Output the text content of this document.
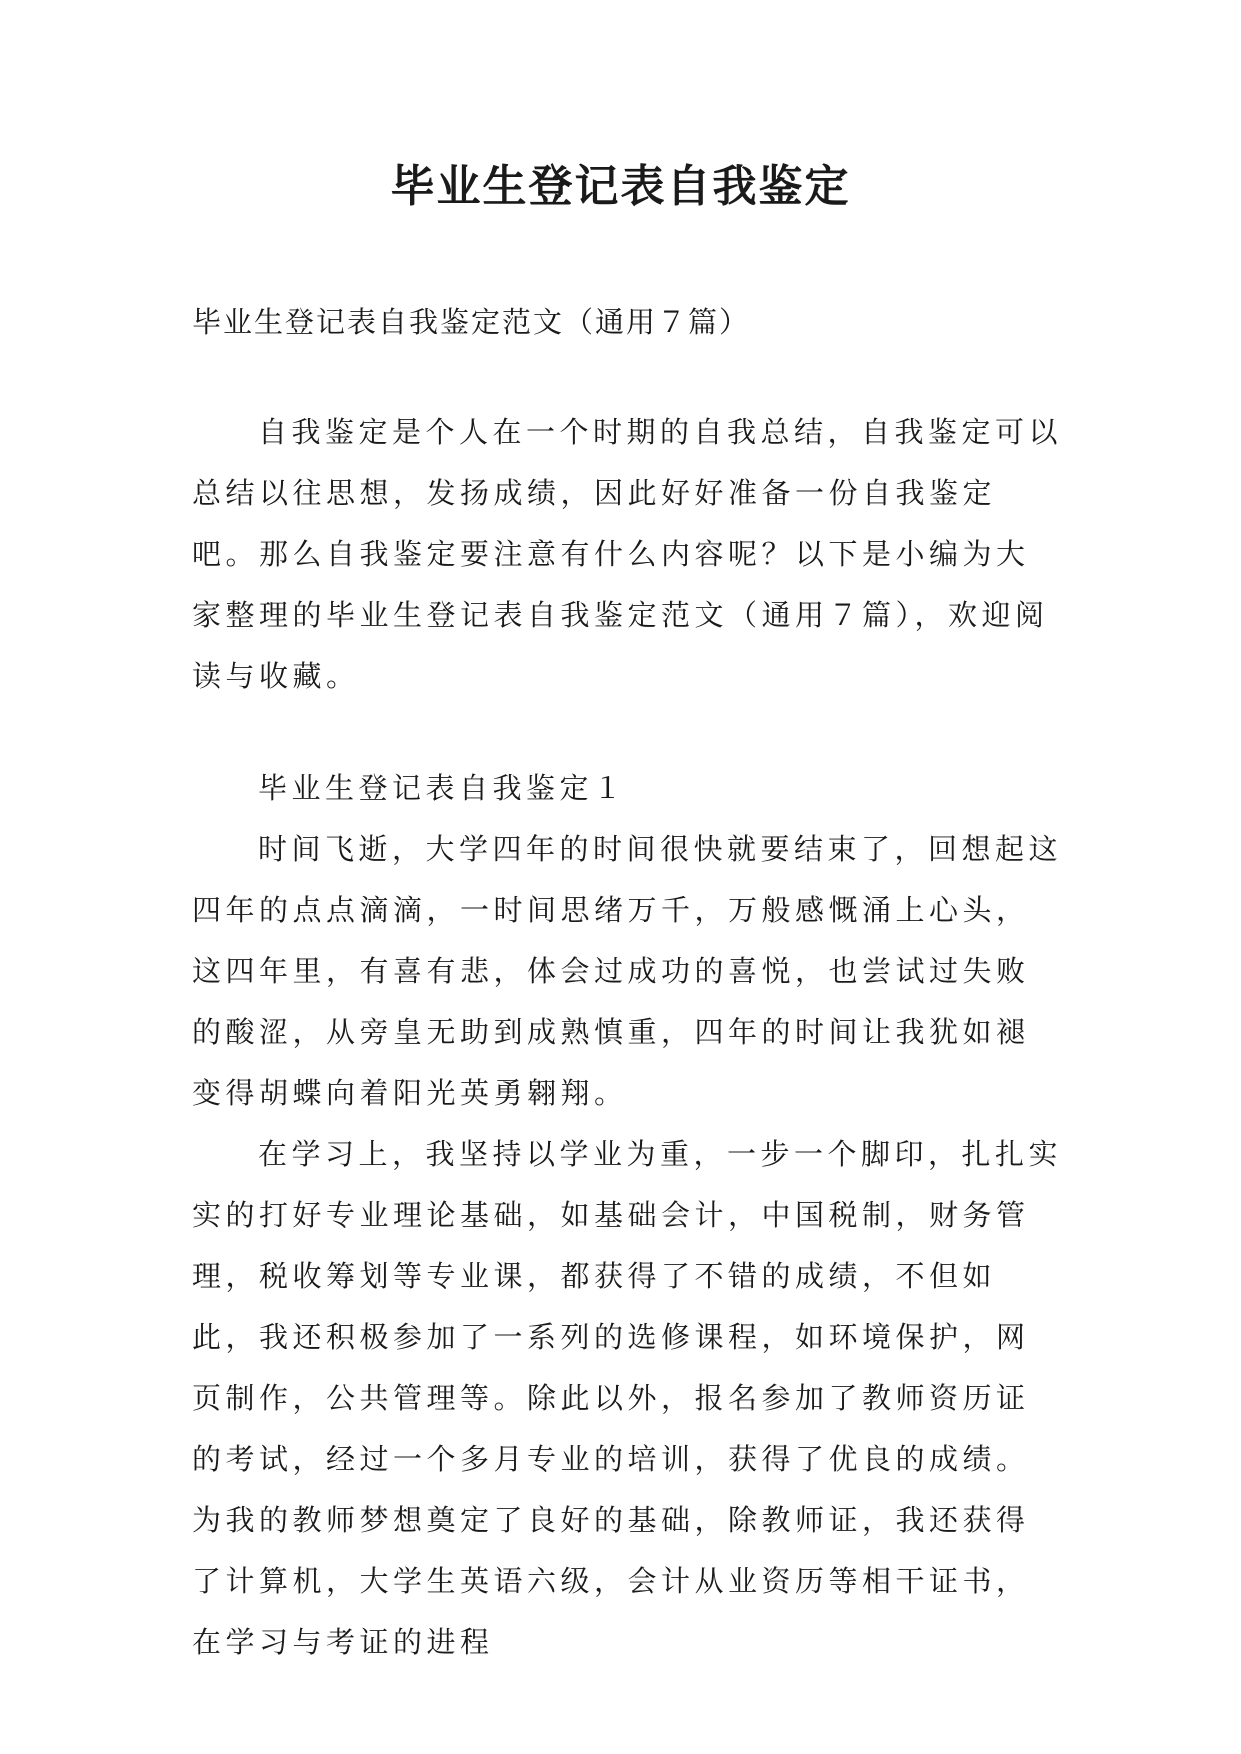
毕业生登记表自我鉴定

毕业生登记表自我鉴定范文（通用７篇）

自我鉴定是个人在一个时期的自我总结，自我鉴定可以总结以往思想，发扬成绩，因此好好准备一份自我鉴定吧。那么自我鉴定要注意有什么内容呢？以下是小编为大家整理的毕业生登记表自我鉴定范文（通用７篇），欢迎阅读与收藏。

毕业生登记表自我鉴定１

时间飞逝，大学四年的时间很快就要结束了，回想起这四年的点点滴滴，一时间思绪万千，万般感慨涌上心头，这四年里，有喜有悲，体会过成功的喜悦，也尝试过失败的酸涩，从旁皇无助到成熟慎重，四年的时间让我犹如褪变得胡蝶向着阳光英勇翱翔。

在学习上，我坚持以学业为重，一步一个脚印，扎扎实实的打好专业理论基础，如基础会计，中国税制，财务管理，税收筹划等专业课，都获得了不错的成绩，不但如此，我还积极参加了一系列的选修课程，如环境保护，网页制作，公共管理等。除此以外，报名参加了教师资历证的考试，经过一个多月专业的培训，获得了优良的成绩。为我的教师梦想奠定了良好的基础，除教师证，我还获得了计算机，大学生英语六级，会计从业资历等相干证书，在学习与考证的进程
